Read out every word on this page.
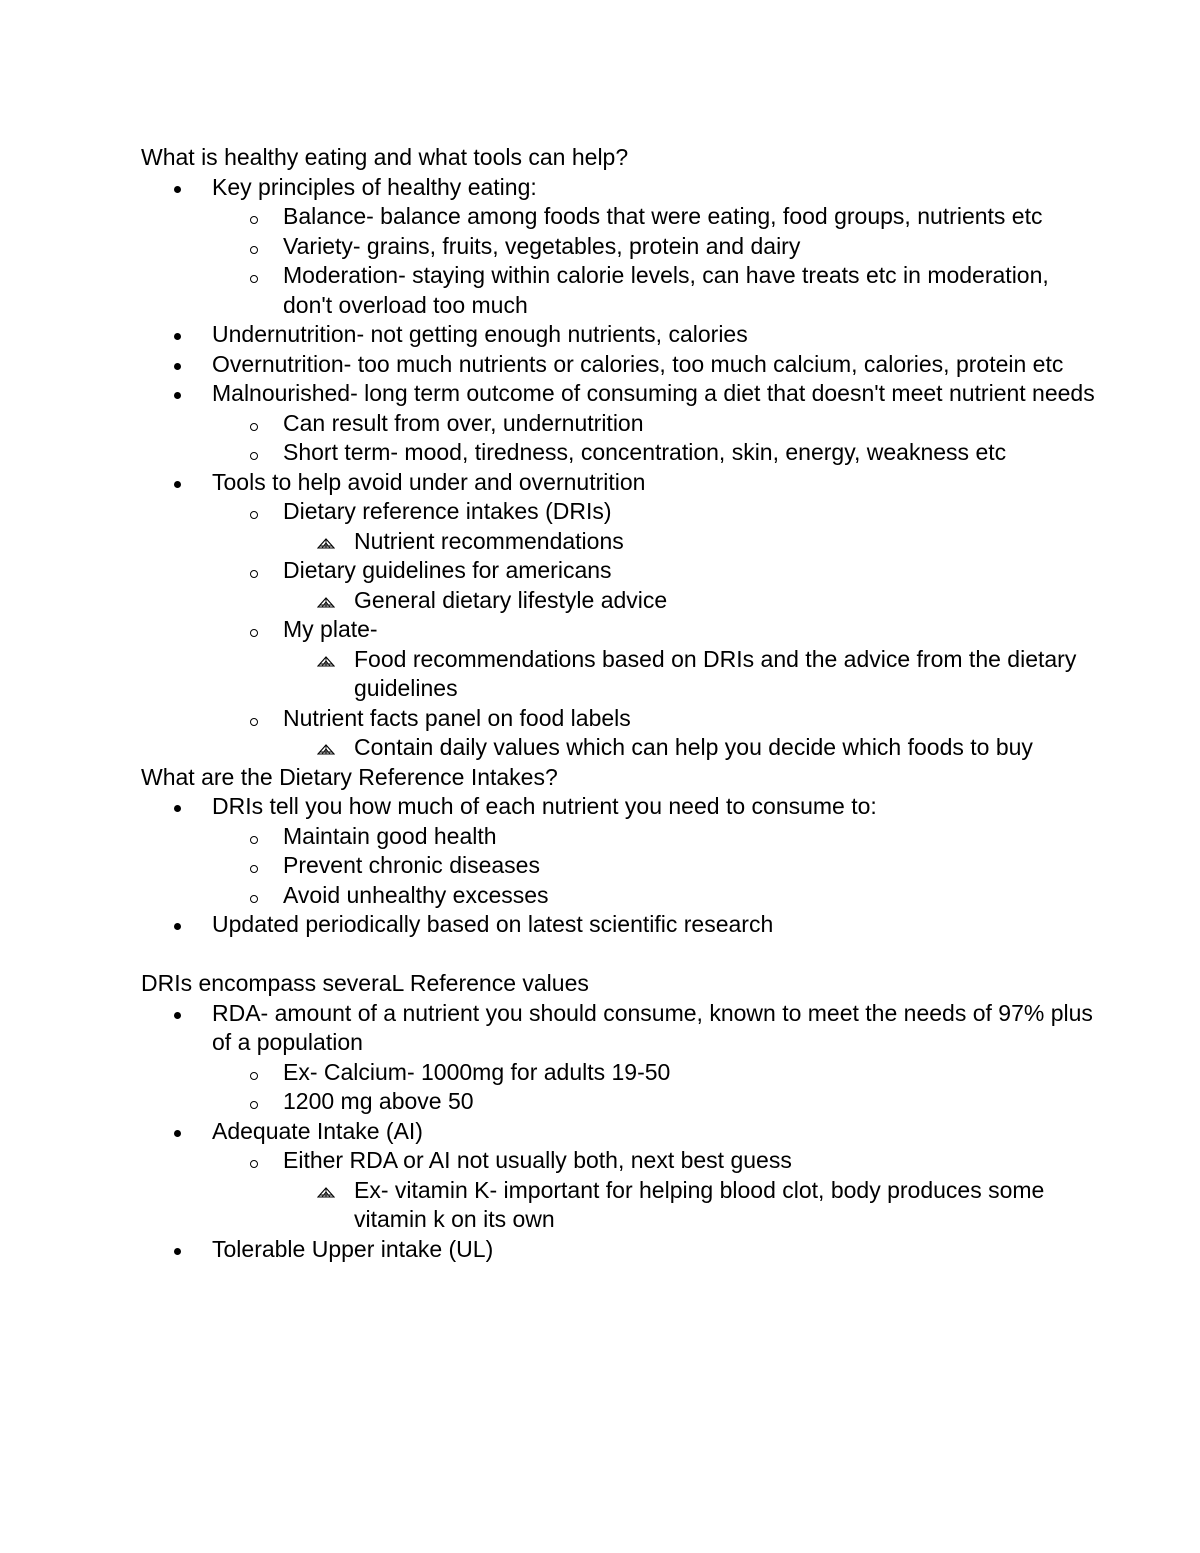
What is healthy eating and what tools can help?

Key principles of healthy eating:
Balance- balance among foods that were eating, food groups, nutrients etc
Variety- grains, fruits, vegetables, protein and dairy
Moderation- staying within calorie levels, can have treats etc in moderation, don't overload too much
Undernutrition- not getting enough nutrients, calories
Overnutrition- too much nutrients or calories, too much calcium, calories, protein etc
Malnourished- long term outcome of consuming a diet that doesn't meet nutrient needs
Can result from over, undernutrition
Short term- mood, tiredness, concentration, skin, energy, weakness etc
Tools to help avoid under and overnutrition
Dietary reference intakes (DRIs)
Nutrient recommendations
Dietary guidelines for americans
General dietary lifestyle advice
My plate-
Food recommendations based on DRIs and the advice from the dietary guidelines
Nutrient facts panel on food labels
Contain daily values which can help you decide which foods to buy

What are the Dietary Reference Intakes?

DRIs tell you how much of each nutrient you need to consume to:
Maintain good health
Prevent chronic diseases
Avoid unhealthy excesses
Updated periodically based on latest scientific research

DRIs encompass severaL Reference values

RDA- amount of a nutrient you should consume, known to meet the needs of 97% plus of a population
Ex- Calcium- 1000mg for adults 19-50
1200 mg above 50
Adequate Intake (AI)
Either RDA or AI not usually both, next best guess
Ex- vitamin K- important for helping blood clot, body produces some vitamin k on its own
Tolerable Upper intake (UL)
